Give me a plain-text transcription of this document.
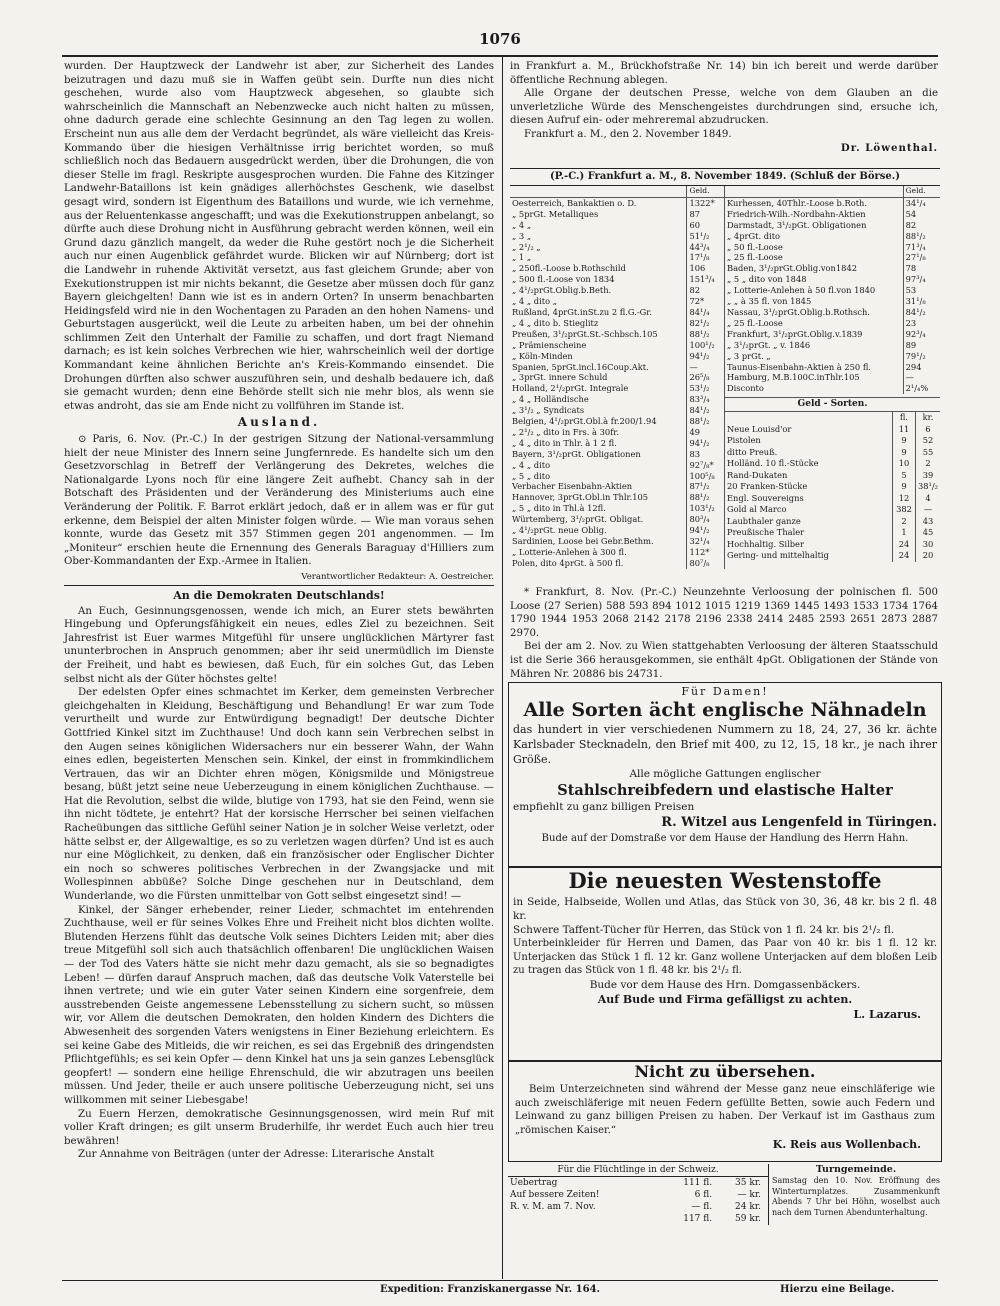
1076

wurden. Der Hauptzweck der Landwehr ist aber, zur Sicherheit des Landes beizutragen und dazu muß sie in Waffen geübt sein. Durfte nun dies nicht geschehen, wurde also vom Hauptzweck abgesehen, so glaubte sich wahrscheinlich die Mannschaft an Nebenzwecke auch nicht halten zu müssen, ohne dadurch gerade eine schlechte Gesinnung an den Tag legen zu wollen. Erscheint nun aus alle dem der Verdacht begründet, als wäre vielleicht das Kreis-Kommando über die hiesigen Verhältnisse irrig berichtet worden, so muß schließlich noch das Bedauern ausgedrückt werden, über die Drohungen, die von dieser Stelle im fragl. Reskripte ausgesprochen wurden. Die Fahne des Kitzinger Landwehr-Bataillons ist kein gnädiges allerhöchstes Geschenk, wie daselbst gesagt wird, sondern ist Eigenthum des Bataillons und wurde, wie ich vernehme, aus der Reluentenkasse angeschafft; und was die Exekutionstruppen anbelangt, so dürfte auch diese Drohung nicht in Ausführung gebracht werden können, weil ein Grund dazu gänzlich mangelt, da weder die Ruhe gestört noch je die Sicherheit auch nur einen Augenblick gefährdet wurde. Blicken wir auf Nürnberg; dort ist die Landwehr in ruhende Aktivität versetzt, aus fast gleichem Grunde; aber von Exekutionstruppen ist mir nichts bekannt, die Gesetze aber müssen doch für ganz Bayern gleichgelten! Dann wie ist es in andern Orten? In unserm benachbarten Heidingsfeld wird nie in den Wochentagen zu Paraden an den hohen Namens- und Geburtstagen ausgerückt, weil die Leute zu arbeiten haben, um bei der ohnehin schlimmen Zeit den Unterhalt der Familie zu schaffen, und dort fragt Niemand darnach; es ist kein solches Verbrechen wie hier, wahrscheinlich weil der dortige Kommandant keine ähnlichen Berichte an's Kreis-Kommando einsendet. Die Drohungen dürften also schwer auszuführen sein, und deshalb bedauere ich, daß sie gemacht wurden; denn eine Behörde stellt sich nie mehr blos, als wenn sie etwas androht, das sie am Ende nicht zu vollführen im Stande ist.

Ausland.

⊙ Paris, 6. Nov. (Pr.-C.) In der gestrigen Sitzung der National-versammlung hielt der neue Minister des Innern seine Jungfernrede. Es handelte sich um den Gesetzvorschlag in Betreff der Verlängerung des Dekretes, welches die Nationalgarde Lyons noch für eine längere Zeit aufhebt. Chancy sah in der Botschaft des Präsidenten und der Veränderung des Ministeriums auch eine Veränderung der Politik. F. Barrot erklärt jedoch, daß er in allem was er für gut erkenne, dem Beispiel der alten Minister folgen würde. — Wie man voraus sehen konnte, wurde das Gesetz mit 357 Stimmen gegen 201 angenommen. — Im „Moniteur“ erschien heute die Ernennung des Generals Baraguay d'Hilliers zum Ober-Kommandanten der Exp.-Armee in Italien.

Verantwortlicher Redakteur: A. Oestreicher.
An die Demokraten Deutschlands!

An Euch, Gesinnungsgenossen, wende ich mich, an Eurer stets bewährten Hingebung und Opferungsfähigkeit ein neues, edles Ziel zu bezeichnen. Seit Jahresfrist ist Euer warmes Mitgefühl für unsere unglücklichen Märtyrer fast ununterbrochen in Anspruch genommen; aber ihr seid unermüdlich im Dienste der Freiheit, und habt es bewiesen, daß Euch, für ein solches Gut, das Leben selbst nicht als der Güter höchstes gelte!

Der edelsten Opfer eines schmachtet im Kerker, dem gemeinsten Verbrecher gleichgehalten in Kleidung, Beschäftigung und Behandlung! Er war zum Tode verurtheilt und wurde zur Entwürdigung begnadigt! Der deutsche Dichter Gottfried Kinkel sitzt im Zuchthause! Und doch kann sein Verbrechen selbst in den Augen seines königlichen Widersachers nur ein besserer Wahn, der Wahn eines edlen, begeisterten Menschen sein. Kinkel, der einst in frommkindlichem Vertrauen, das wir an Dichter ehren mögen, Königsmilde und Mönigstreue besang, büßt jetzt seine neue Ueberzeugung in einem königlichen Zuchthause. — Hat die Revolution, selbst die wilde, blutige von 1793, hat sie den Feind, wenn sie ihn nicht tödtete, je entehrt? Hat der korsische Herrscher bei seinen vielfachen Racheübungen das sittliche Gefühl seiner Nation je in solcher Weise verletzt, oder hätte selbst er, der Allgewaltige, es so zu verletzen wagen dürfen? Und ist es auch nur eine Möglichkeit, zu denken, daß ein französischer oder Englischer Dichter ein noch so schweres politisches Verbrechen in der Zwangsjacke und mit Wollespinnen abbüße? Solche Dinge geschehen nur in Deutschland, dem Wunderlande, wo die Fürsten unmittelbar von Gott selbst eingesetzt sind! —

Kinkel, der Sänger erhebender, reiner Lieder, schmachtet im entehrenden Zuchthause, weil er für seines Volkes Ehre und Freiheit nicht blos dichten wollte. Blutenden Herzens fühlt das deutsche Volk seines Dichters Leiden mit; aber dies treue Mitgefühl soll sich auch thatsächlich offenbaren! Die unglücklichen Waisen — der Tod des Vaters hätte sie nicht mehr dazu gemacht, als sie so begnadigtes Leben! — dürfen darauf Anspruch machen, daß das deutsche Volk Vaterstelle bei ihnen vertrete; und wie ein guter Vater seinen Kindern eine sorgenfreie, dem ausstrebenden Geiste angemessene Lebensstellung zu sichern sucht, so müssen wir, vor Allem die deutschen Demokraten, den holden Kindern des Dichters die Abwesenheit des sorgenden Vaters wenigstens in Einer Beziehung erleichtern. Es sei keine Gabe des Mitleids, die wir reichen, es sei das Ergebniß des dringendsten Pflichtgefühls; es sei kein Opfer — denn Kinkel hat uns ja sein ganzes Lebensglück geopfert! — sondern eine heilige Ehrenschuld, die wir abzutragen uns beeilen müssen. Und Jeder, theile er auch unsere politische Ueberzeugung nicht, sei uns willkommen mit seiner Liebesgabe!

Zu Euern Herzen, demokratische Gesinnungsgenossen, wird mein Ruf mit voller Kraft dringen; es gilt unserm Bruderhilfe, ihr werdet Euch auch hier treu bewähren!

Zur Annahme von Beiträgen (unter der Adresse: Literarische Anstalt

in Frankfurt a. M., Brückhofstraße Nr. 14) bin ich bereit und werde darüber öffentliche Rechnung ablegen.

Alle Organe der deutschen Presse, welche von dem Glauben an die unverletzliche Würde des Menschengeistes durchdrungen sind, ersuche ich, diesen Aufruf ein- oder mehreremal abzudrucken.

Frankfurt a. M., den 2. November 1849.
Dr. Löwenthal.
(P.-C.) Frankfurt a. M., 8. November 1849. (Schluß der Börse.)
	Geld.
Oesterreich, Bankaktien o. D.	1322*
„ 5prGt. Metalliques	87
„ 4 „	60
„ 3 „	51¹/₂
„ 2¹/₂ „	44³/₄
„ 1 „	17¹/₈
„ 250fl.-Loose b.Rothschild	106
„ 500 fl.-Loose von 1834	151³/₄
„ 4¹/₂prGt.Oblig.b.Beth.	82
„ 4 „ dito „	72*
Rußland, 4prGt.inSt.zu 2 fl.G.-Gr.	84¹/₄
„ 4 „ dito b. Stieglitz	82¹/₂
Preußen, 3¹/₂prGt.St.-Schbsch.105	88¹/₂
„ Prämienscheine	100¹/₂
„ Köln-Minden	94¹/₂
Spanien, 5prGt.incl.16Coup.Akt.	—
„ 3prGt. innere Schuld	26⁵/₈
Holland, 2¹/₂prGt. Integrale	53¹/₂
„ 4 „ Holländische	83³/₄
„ 3¹/₂ „ Syndicats	84¹/₂
Belgien, 4¹/₂prGt.Obl.à fr.200/1.94	88¹/₂
„ 2¹/₂ „ dito in Frs. à 30fr.	49
„ 4 „ dito in Thlr. à 1 2 fl.	94¹/₂
Bayern, 3¹/₂prGt. Obligationen	83
„ 4 „ dito	92⁷/₈*
„ 5 „ dito	100⁵/₈
Verbacher Eisenbahn-Aktien	87¹/₂
Hannover, 3prGt.Obl.in Thlr.105	88¹/₂
„ 5 „ dito in Thl.à 12fl.	103¹/₂
Würtemberg, 3¹/₂prGt. Obligat.	80³/₄
„ 4¹/₂prGt. neue Oblig.	94¹/₂
Sardinien, Loose bei Gebr.Bethm.	32¹/₄
„ Lotterie-Anlehen à 300 fl.	112*
Polen, dito 4prGt. à 500 fl.	80⁷/₈
	Geld.
Kurhessen, 40Thlr.-Loose b.Roth.	34¹/₄
Friedrich-Wilh.-Nordbahn-Aktien	54
Darmstadt, 3¹/₂pGt. Obligationen	82
„ 4prGt. dito	88¹/₂
„ 50 fl.-Loose	71³/₄
„ 25 fl.-Loose	27¹/₈
Baden, 3¹/₂prGt.Oblig.von1842	78
„ 5 „ dito von 1848	97³/₄
„ Lotterie-Anlehen à 50 fl.von 1840	53
„ „ à 35 fl. von 1845	31¹/₈
Nassau, 3¹/₂prGt.Oblig.b.Rothsch.	84¹/₂
„ 25 fl.-Loose	23
Frankfurt, 3¹/₂prGt.Oblig.v.1839	92³/₄
„ 3¹/₂prGt. „ v. 1846	89
„ 3 prGt. „	79¹/₂
Taunus-Eisenbahn-Aktien à 250 fl.	294
Hamburg, M.B.100C.inThlr.105	—
Disconto	2¹/₄%
Geld - Sorten.
	fl.	kr.
Neue Louisd'or	11	6
Pistolen	9	52
ditto Preuß.	9	55
Holländ. 10 fl.-Stücke	10	2
Rand-Dukaten	5	39
20 Franken-Stücke	9	38¹/₂
Engl. Souvereigns	12	4
Gold al Marco	382	—
Laubthaler ganze	2	43
Preußische Thaler	1	45
Hochhaltig. Silber	24	30
Gering- und mittelhaltig	24	20

* Frankfurt, 8. Nov. (Pr.-C.) Neunzehnte Verloosung der polnischen fl. 500 Loose (27 Serien) 588 593 894 1012 1015 1219 1369 1445 1493 1533 1734 1764 1790 1944 1953 2068 2142 2178 2196 2338 2414 2485 2593 2651 2873 2887 2970.

Bei der am 2. Nov. zu Wien stattgehabten Verloosung der älteren Staatsschuld ist die Serie 366 herausgekommen, sie enthält 4pGt. Obligationen der Stände von Mähren Nr. 20886 bis 24731.

Für Damen!
Alle Sorten ächt englische Nähnadeln
das hundert in vier verschiedenen Nummern zu 18, 24, 27, 36 kr. ächte Karlsbader Stecknadeln, den Brief mit 400, zu 12, 15, 18 kr., je nach ihrer Größe.
Alle mögliche Gattungen englischer
Stahlschreibfedern und elastische Halter
empfiehlt zu ganz billigen Preisen
R. Witzel aus Lengenfeld in Türingen.
Bude auf der Domstraße vor dem Hause der Handlung des Herrn Hahn.
Die neuesten Westenstoffe
in Seide, Halbseide, Wollen und Atlas, das Stück von 30, 36, 48 kr. bis 2 fl. 48 kr.
Schwere Taffent-Tücher für Herren, das Stück von 1 fl. 24 kr. bis 2¹/₂ fl.
Unterbeinkleider für Herren und Damen, das Paar von 40 kr. bis 1 fl. 12 kr. Unterjacken das Stück 1 fl. 12 kr. Ganz wollene Unterjacken auf dem bloßen Leib zu tragen das Stück von 1 fl. 48 kr. bis 2¹/₂ fl.
Bude vor dem Hause des Hrn. Domgassenbäckers.
Auf Bude und Firma gefälligst zu achten.
L. Lazarus.
Nicht zu übersehen.
Beim Unterzeichneten sind während der Messe ganz neue einschläferige wie auch zweischläferige mit neuen Federn gefüllte Betten, sowie auch Federn und Leinwand zu ganz billigen Preisen zu haben. Der Verkauf ist im Gasthaus zum „römischen Kaiser.“
K. Reis aus Wollenbach.
Für die Flüchtlinge in der Schweiz.
Uebertrag	111 fl.	35 kr.
Auf bessere Zeiten!	6 fl.	— kr.
R. v. M. am 7. Nov.	— fl.	24 kr.
	117 fl.	59 kr.
Turngemeinde.
Samstag den 10. Nov. Eröffnung des Winterturnplatzes. Zusammenkunft Abends 7 Uhr bei Höhn, woselbst auch nach dem Turnen Abendunterhaltung.
Expedition: Franziskanergasse Nr. 164.	Hierzu eine Beilage.
